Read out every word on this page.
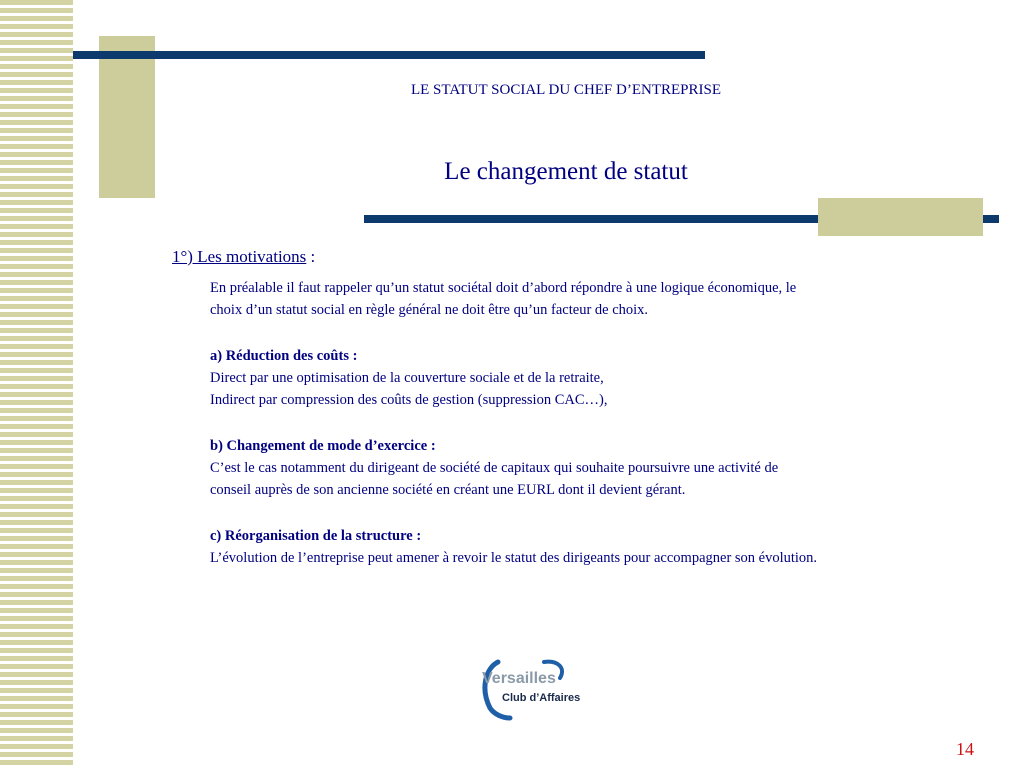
LE STATUT SOCIAL DU CHEF D’ENTREPRISE
Le changement de statut
1°) Les motivations :

En préalable il faut rappeler qu’un statut sociétal doit d’abord répondre à une logique économique, le

choix d’un statut social en règle général ne doit être qu’un facteur de choix.

a) Réduction des coûts :

Direct par une optimisation de la couverture sociale et de la retraite,

Indirect par compression des coûts de gestion (suppression CAC…),

b) Changement de mode d’exercice :

C’est le cas notamment du dirigeant de société de capitaux qui souhaite poursuivre une activité de

conseil auprès de son ancienne société en créant une EURL dont il devient gérant.

c) Réorganisation de la structure :

L’évolution de l’entreprise peut amener à revoir le statut des dirigeants pour accompagner son évolution.

Versailles
Club d’Affaires
14
